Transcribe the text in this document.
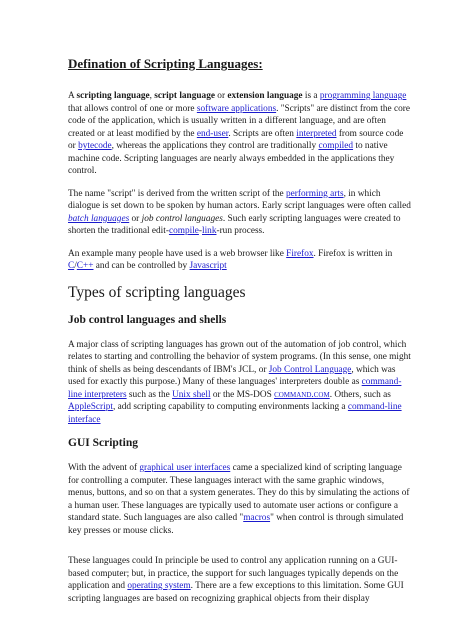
Defination of Scripting Languages:

A scripting language, script language or extension language is a programming language that allows control of one or more software applications. "Scripts" are distinct from the core code of the application, which is usually written in a different language, and are often created or at least modified by the end-user. Scripts are often interpreted from source code or bytecode, whereas the applications they control are traditionally compiled to native machine code. Scripting languages are nearly always embedded in the applications they control.

The name "script" is derived from the written script of the performing arts, in which dialogue is set down to be spoken by human actors. Early script languages were often called batch languages or job control languages. Such early scripting languages were created to shorten the traditional edit-compile-link-run process.

An example many people have used is a web browser like Firefox. Firefox is written in C/C++ and can be controlled by Javascript

Types of scripting languages
Job control languages and shells

A major class of scripting languages has grown out of the automation of job control, which relates to starting and controlling the behavior of system programs. (In this sense, one might think of shells as being descendants of IBM's JCL, or Job Control Language, which was used for exactly this purpose.) Many of these languages' interpreters double as command-line interpreters such as the Unix shell or the MS-DOS command.com. Others, such as AppleScript, add scripting capability to computing environments lacking a command-line interface

GUI Scripting

With the advent of graphical user interfaces came a specialized kind of scripting language for controlling a computer. These languages interact with the same graphic windows, menus, buttons, and so on that a system generates. They do this by simulating the actions of a human user. These languages are typically used to automate user actions or configure a standard state. Such languages are also called "macros" when control is through simulated key presses or mouse clicks.

These languages could In principle be used to control any application running on a GUI-based computer; but, in practice, the support for such languages typically depends on the application and operating system. There are a few exceptions to this limitation. Some GUI scripting languages are based on recognizing graphical objects from their display
